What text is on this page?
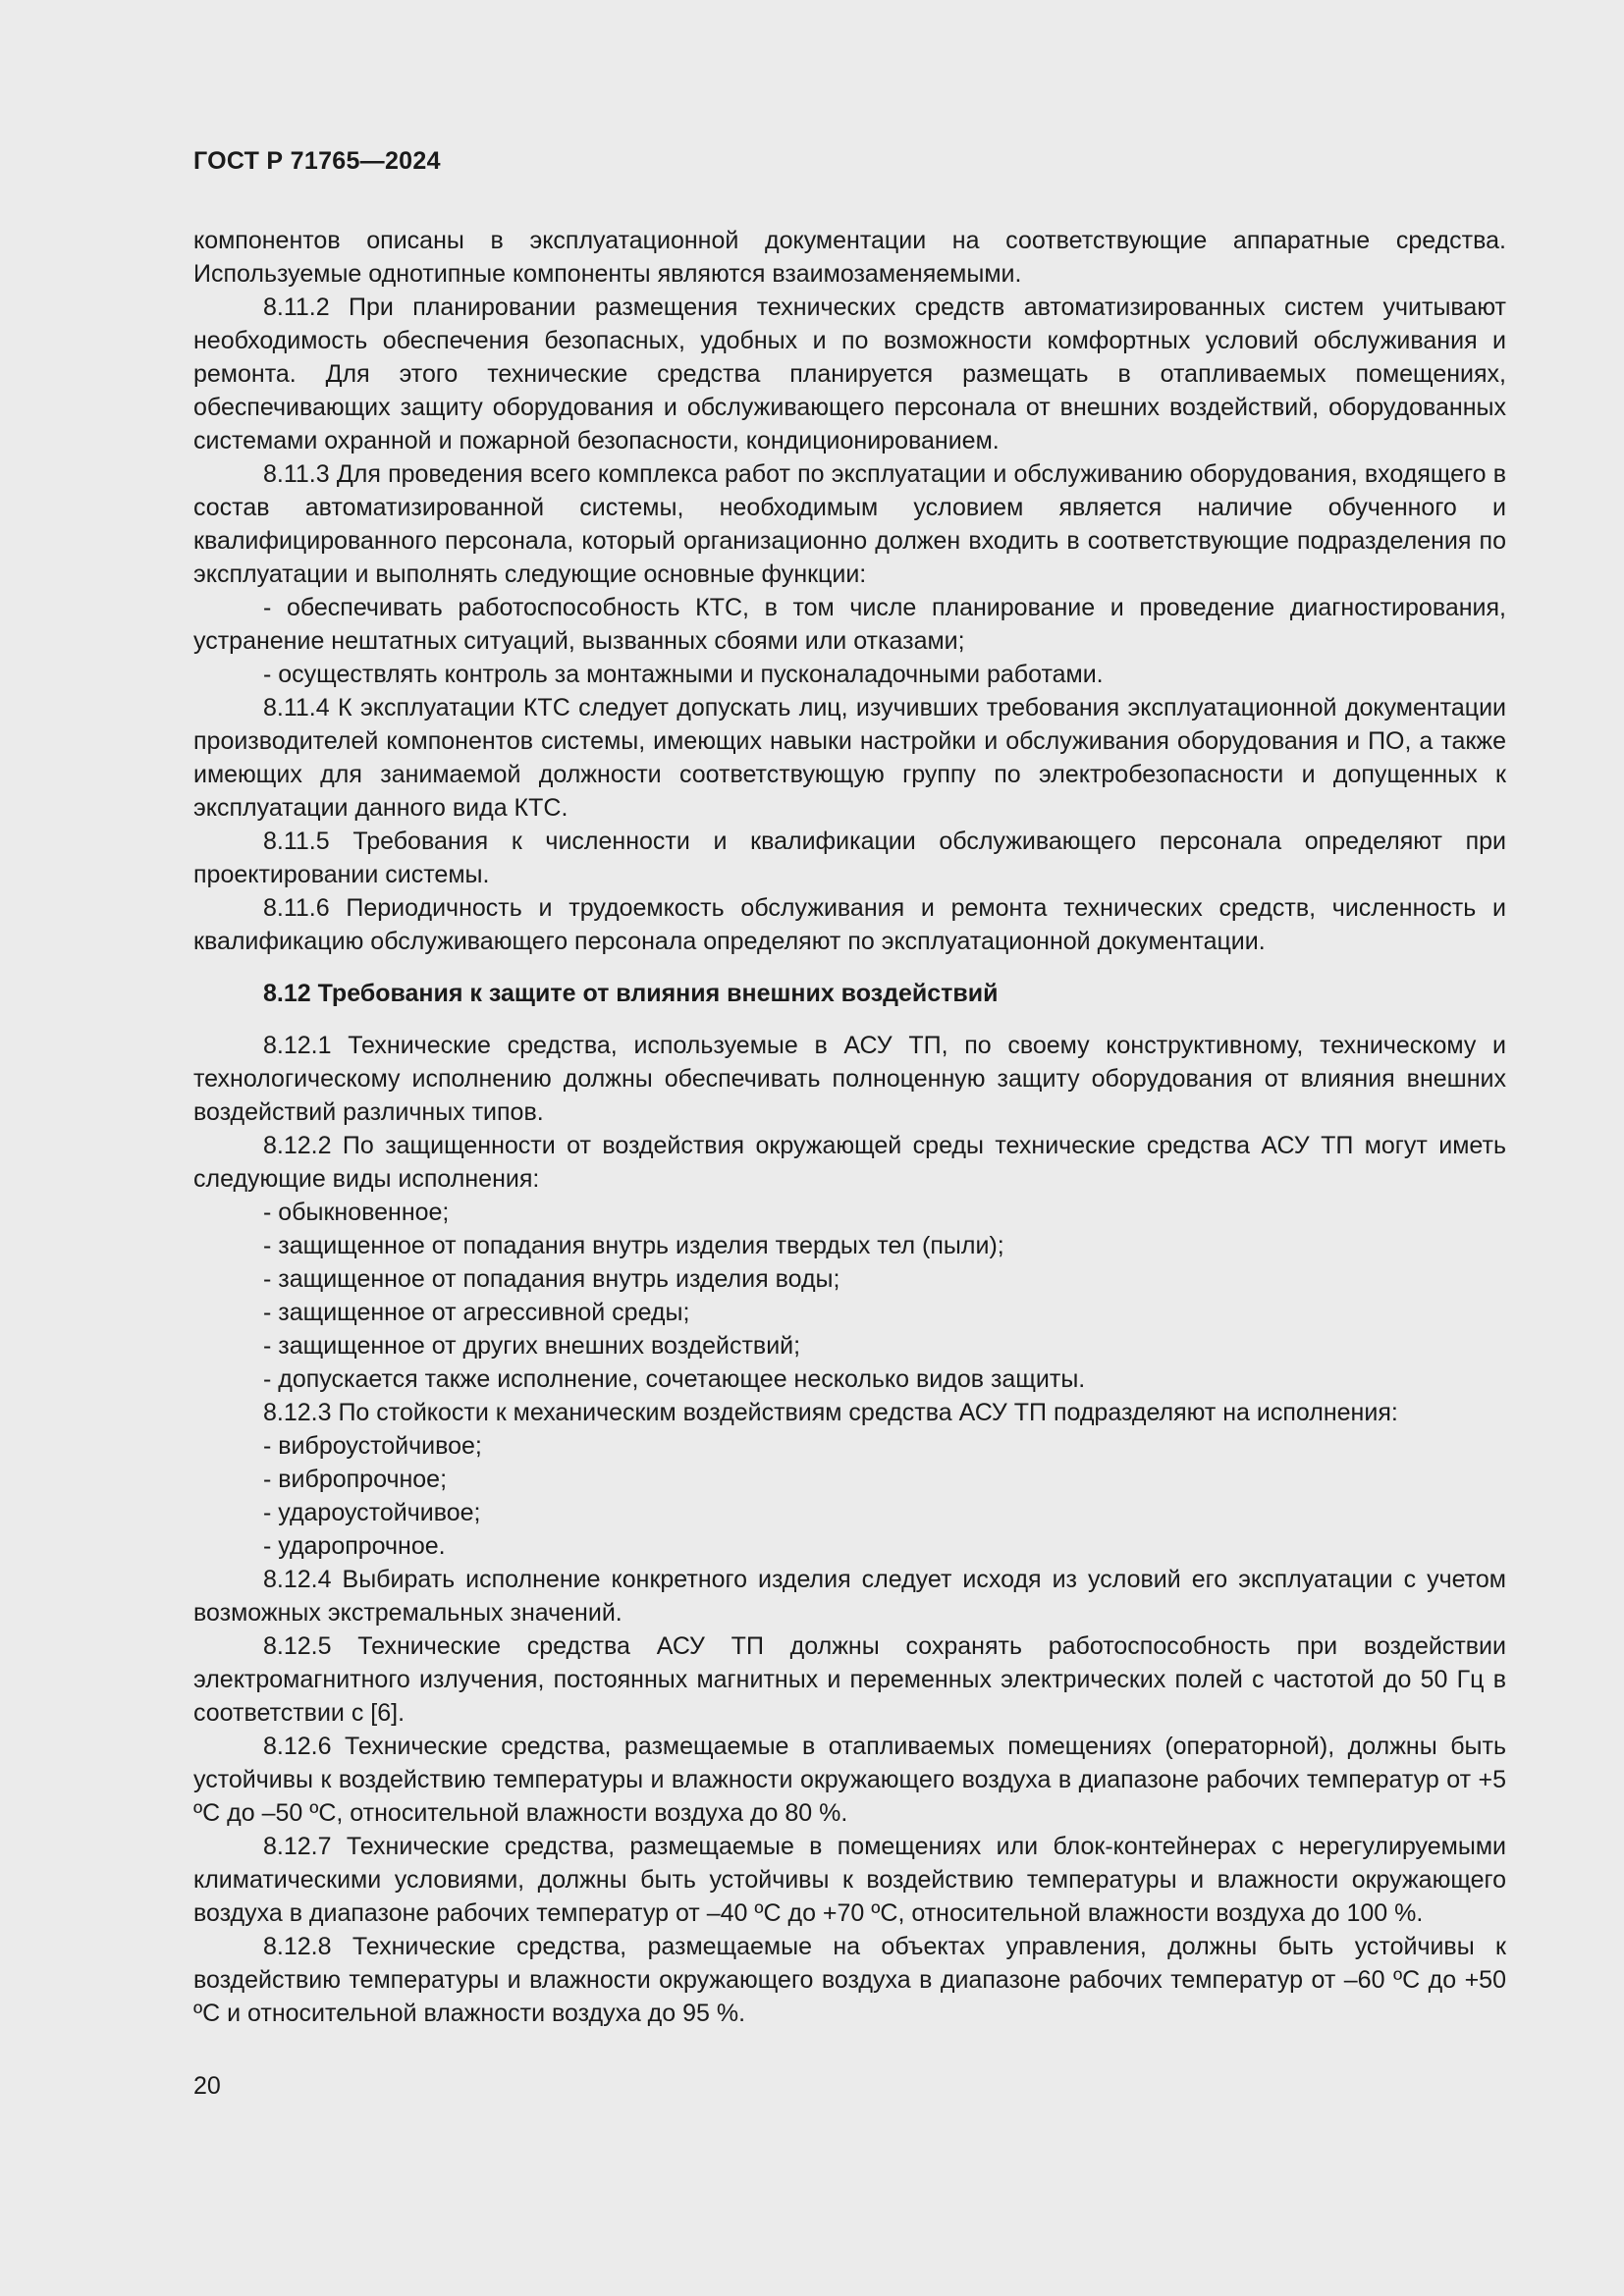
ГОСТ Р 71765—2024

компонентов описаны в эксплуатационной документации на соответствующие аппаратные средства. Используемые однотипные компоненты являются взаимозаменяемыми.

8.11.2 При планировании размещения технических средств автоматизированных систем учитывают необходимость обеспечения безопасных, удобных и по возможности комфортных условий обслуживания и ремонта. Для этого технические средства планируется размещать в отапливаемых помещениях, обеспечивающих защиту оборудования и обслуживающего персонала от внешних воздействий, оборудованных системами охранной и пожарной безопасности, кондиционированием.

8.11.3 Для проведения всего комплекса работ по эксплуатации и обслуживанию оборудования, входящего в состав автоматизированной системы, необходимым условием является наличие обученного и квалифицированного персонала, который организационно должен входить в соответствующие подразделения по эксплуатации и выполнять следующие основные функции:

- обеспечивать работоспособность КТС, в том числе планирование и проведение диагностирования, устранение нештатных ситуаций, вызванных сбоями или отказами;

- осуществлять контроль за монтажными и пусконаладочными работами.

8.11.4 К эксплуатации КТС следует допускать лиц, изучивших требования эксплуатационной документации производителей компонентов системы, имеющих навыки настройки и обслуживания оборудования и ПО, а также имеющих для занимаемой должности соответствующую группу по электробезопасности и допущенных к эксплуатации данного вида КТС.

8.11.5 Требования к численности и квалификации обслуживающего персонала определяют при проектировании системы.

8.11.6 Периодичность и трудоемкость обслуживания и ремонта технических средств, численность и квалификацию обслуживающего персонала определяют по эксплуатационной документации.

8.12 Требования к защите от влияния внешних воздействий

8.12.1 Технические средства, используемые в АСУ ТП, по своему конструктивному, техническому и технологическому исполнению должны обеспечивать полноценную защиту оборудования от влияния внешних воздействий различных типов.

8.12.2 По защищенности от воздействия окружающей среды технические средства АСУ ТП могут иметь следующие виды исполнения:

- обыкновенное;

- защищенное от попадания внутрь изделия твердых тел (пыли);

- защищенное от попадания внутрь изделия воды;

- защищенное от агрессивной среды;

- защищенное от других внешних воздействий;

- допускается также исполнение, сочетающее несколько видов защиты.

8.12.3 По стойкости к механическим воздействиям средства АСУ ТП подразделяют на исполнения:

- виброустойчивое;

- вибропрочное;

- удароустойчивое;

- ударопрочное.

8.12.4 Выбирать исполнение конкретного изделия следует исходя из условий его эксплуатации с учетом возможных экстремальных значений.

8.12.5 Технические средства АСУ ТП должны сохранять работоспособность при воздействии электромагнитного излучения, постоянных магнитных и переменных электрических полей с частотой до 50 Гц в соответствии с [6].

8.12.6 Технические средства, размещаемые в отапливаемых помещениях (операторной), должны быть устойчивы к воздействию температуры и влажности окружающего воздуха в диапазоне рабочих температур от +5 ºС до –50 ºС, относительной влажности воздуха до 80 %.

8.12.7 Технические средства, размещаемые в помещениях или блок-контейнерах с нерегулируемыми климатическими условиями, должны быть устойчивы к воздействию температуры и влажности окружающего воздуха в диапазоне рабочих температур от –40 ºС до +70 ºС, относительной влажности воздуха до 100 %.

8.12.8 Технические средства, размещаемые на объектах управления, должны быть устойчивы к воздействию температуры и влажности окружающего воздуха в диапазоне рабочих температур от –60 ºС до +50 ºС и относительной влажности воздуха до 95 %.

20
